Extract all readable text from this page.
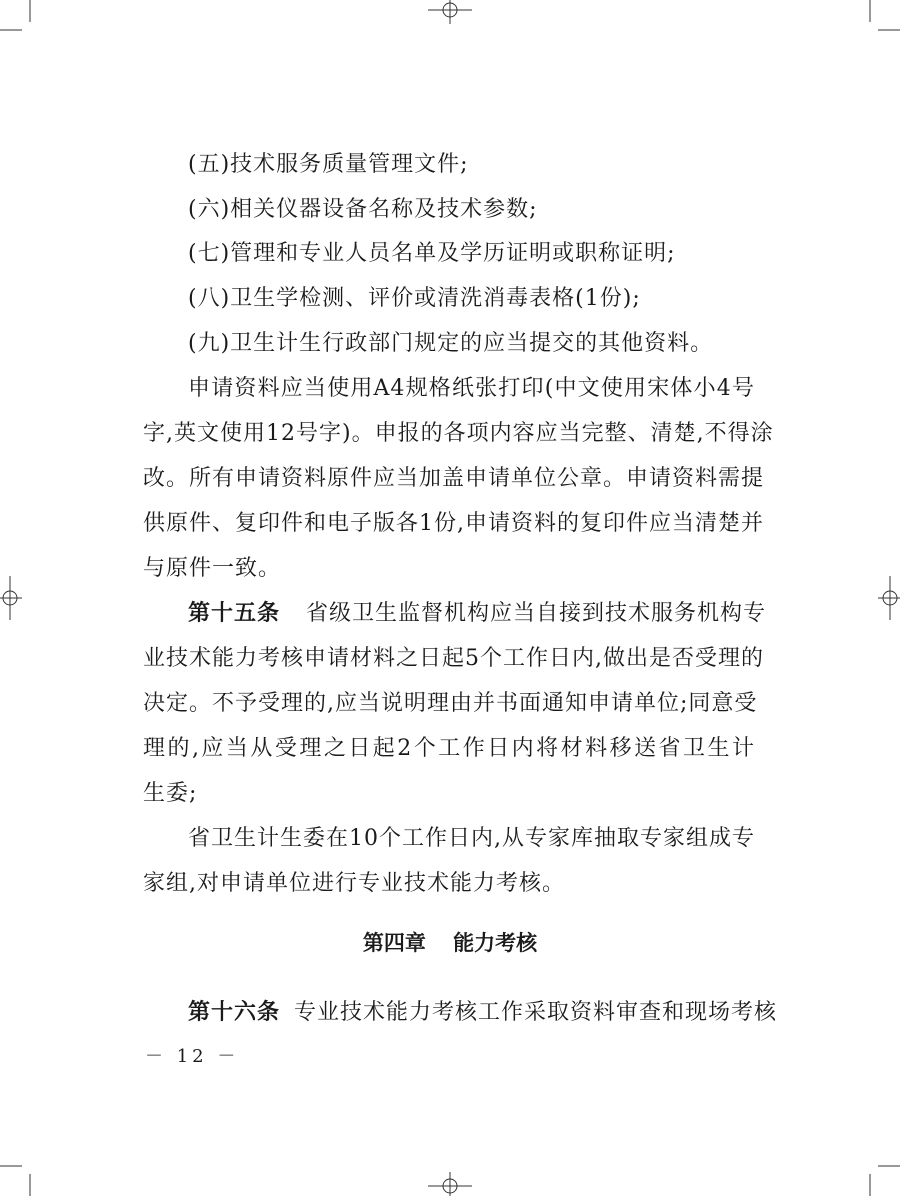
(五)技术服务质量管理文件;
(六)相关仪器设备名称及技术参数;
(七)管理和专业人员名单及学历证明或职称证明;
(八)卫生学检测、评价或清洗消毒表格(1份);
(九)卫生计生行政部门规定的应当提交的其他资料。
申请资料应当使用A4规格纸张打印(中文使用宋体小4号
字,英文使用12号字)。申报的各项内容应当完整、清楚,不得涂
改。所有申请资料原件应当加盖申请单位公章。申请资料需提
供原件、复印件和电子版各1份,申请资料的复印件应当清楚并
与原件一致。
第十五条 省级卫生监督机构应当自接到技术服务机构专
业技术能力考核申请材料之日起5个工作日内,做出是否受理的
决定。不予受理的,应当说明理由并书面通知申请单位;同意受
理的,应当从受理之日起2个工作日内将材料移送省卫生计
生委;
省卫生计生委在10个工作日内,从专家库抽取专家组成专
家组,对申请单位进行专业技术能力考核。
第四章 能力考核
第十六条 专业技术能力考核工作采取资料审查和现场考核
－ 12 －
